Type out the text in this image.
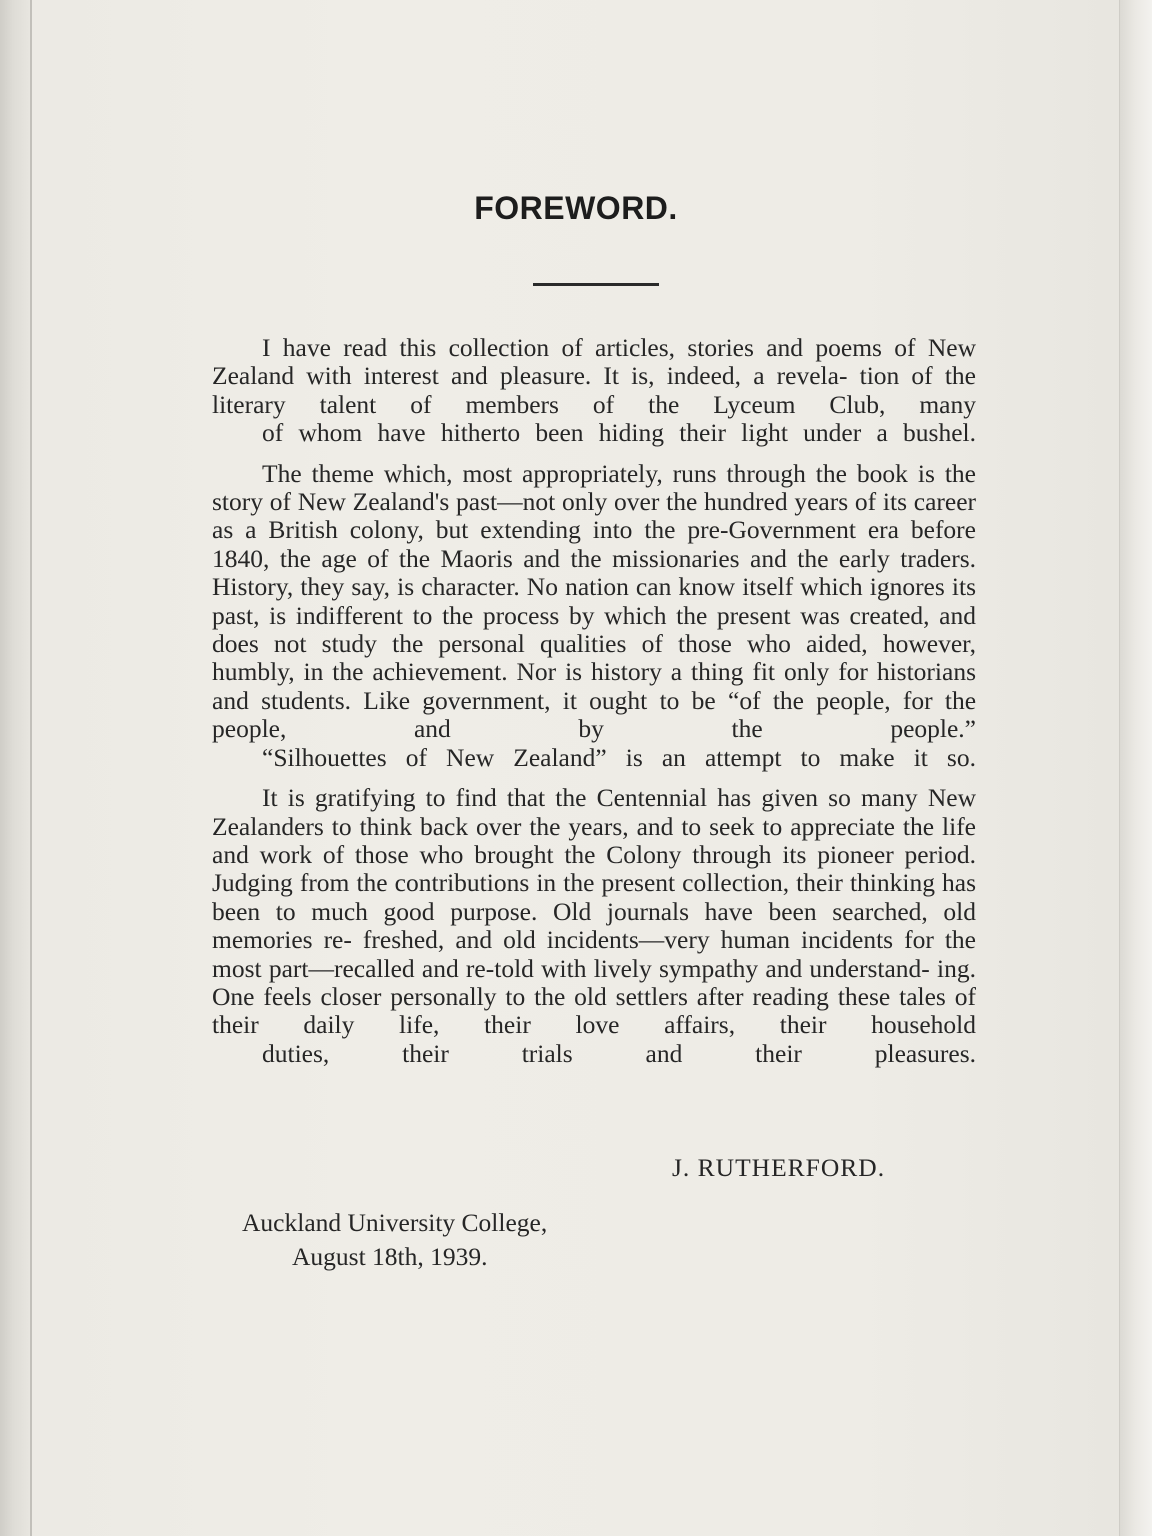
FOREWORD.

I have read this collection of articles, stories and poems of New Zealand with interest and pleasure. It is, indeed, a revela- tion of the literary talent of members of the Lyceum Club, many
of whom have hitherto been hiding their light under a bushel.

The theme which, most appropriately, runs through the book is the story of New Zealand's past—not only over the hundred years of its career as a British colony, but extending into the pre-Government era before 1840, the age of the Maoris and the missionaries and the early traders. History, they say, is character. No nation can know itself which ignores its past, is indifferent to the process by which the present was created, and does not study the personal qualities of those who aided, however, humbly, in the achievement. Nor is history a thing fit only for historians and students. Like government, it ought to be “of the people, for the people, and by the people.”
“Silhouettes of New Zealand” is an attempt to make it so.

It is gratifying to find that the Centennial has given so many New Zealanders to think back over the years, and to seek to appreciate the life and work of those who brought the Colony through its pioneer period. Judging from the contributions in the present collection, their thinking has been to much good purpose. Old journals have been searched, old memories re- freshed, and old incidents—very human incidents for the most part—recalled and re-told with lively sympathy and understand- ing. One feels closer personally to the old settlers after reading these tales of their daily life, their love affairs, their household
duties, their trials and their pleasures.

J. RUTHERFORD.
Auckland University College,
August 18th, 1939.
